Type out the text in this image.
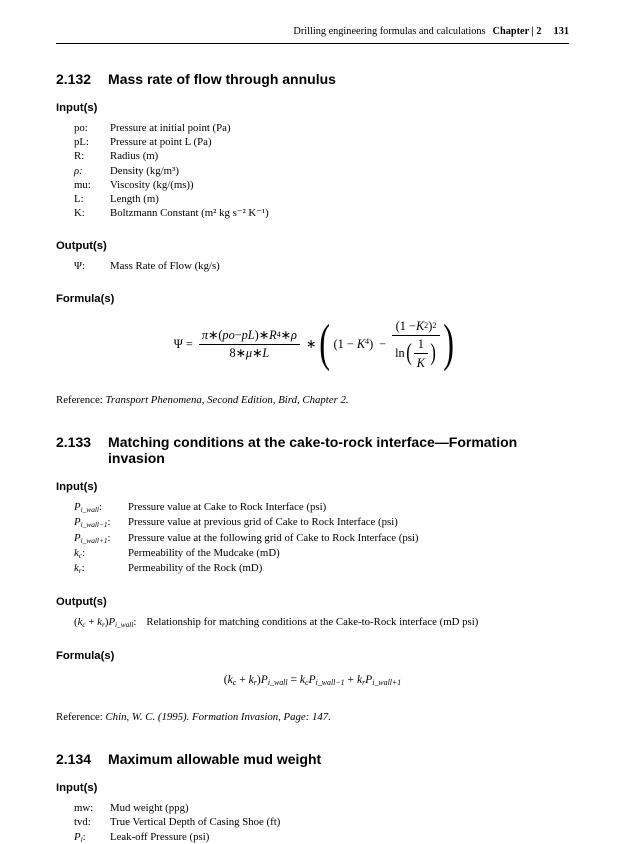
Drilling engineering formulas and calculations Chapter | 2 131
2.132 Mass rate of flow through annulus
Input(s)
po:	Pressure at initial point (Pa)
pL:	Pressure at point L (Pa)
R:	Radius (m)
ρ:	Density (kg/m³)
mu:	Viscosity (kg/(ms))
L:	Length (m)
K:	Boltzmann Constant (m² kg s⁻² K⁻¹)
Output(s)
Ψ:	Mass Rate of Flow (kg/s)
Formula(s)
$\Psi = \frac{\pi ∗( po - pL )∗ R 4 ∗ \rho}{8∗ \mu ∗ L}$ ∗ ( $(1 - K^4)$ −
(1 − K 2 ) 2
ln ( $\frac{1}{K}$ ) )
Reference: Transport Phenomena, Second Edition, Bird, Chapter 2.
2.133 Matching conditions at the cake-to-rock interface—Formation invasion
Input(s)
Pi_wall:	Pressure value at Cake to Rock Interface (psi)
Pi_wall−1:	Pressure value at previous grid of Cake to Rock Interface (psi)
Pi_wall+1:	Pressure value at the following grid of Cake to Rock Interface (psi)
kc:	Permeability of the Mudcake (mD)
kr:	Permeability of the Rock (mD)
Output(s)
(kc + kr)Pi_wall: Relationship for matching conditions at the Cake-to-Rock interface (mD psi)
Formula(s)
(kc + kr)Pi_wall = kcPi_wall−1 + krPi_wall+1
Reference: Chin, W. C. (1995). Formation Invasion, Page: 147.
2.134 Maximum allowable mud weight
Input(s)
mw:	Mud weight (ppg)
tvd:	True Vertical Depth of Casing Shoe (ft)
Pl:	Leak-off Pressure (psi)
